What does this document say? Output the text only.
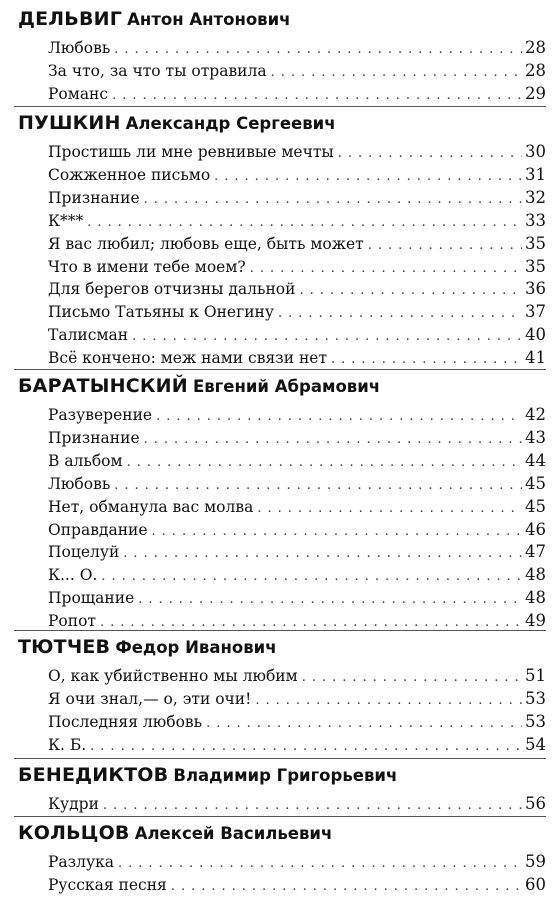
ДЕЛЬВИГ Антон Антонович
Любовь .....	28
За что, за что ты отравила .....	28
Романс .....	29
ПУШКИН Александр Сергеевич
Простишь ли мне ревнивые мечты .....	30
Сожженное письмо .....	31
Признание .....	32
К*** .....	33
Я вас любил; любовь еще, быть может .....	35
Что в имени тебе моем? .....	35
Для берегов отчизны дальной .....	36
Письмо Татьяны к Онегину .....	37
Талисман .....	40
Всё кончено: меж нами связи нет .....	41
БАРАТЫНСКИЙ Евгений Абрамович
Разуверение .....	42
Признание .....	43
В альбом .....	44
Любовь .....	45
Нет, обманула вас молва .....	45
Оправдание .....	46
Поцелуй .....	47
К... О. .....	48
Прощание .....	48
Ропот .....	49
ТЮТЧЕВ Федор Иванович
О, как убийственно мы любим .....	51
Я очи знал,— о, эти очи! .....	53
Последняя любовь .....	53
К. Б. .....	54
БЕНЕДИКТОВ Владимир Григорьевич
Кудри .....	56
КОЛЬЦОВ Алексей Васильевич
Разлука .....	59
Русская песня .....	60
